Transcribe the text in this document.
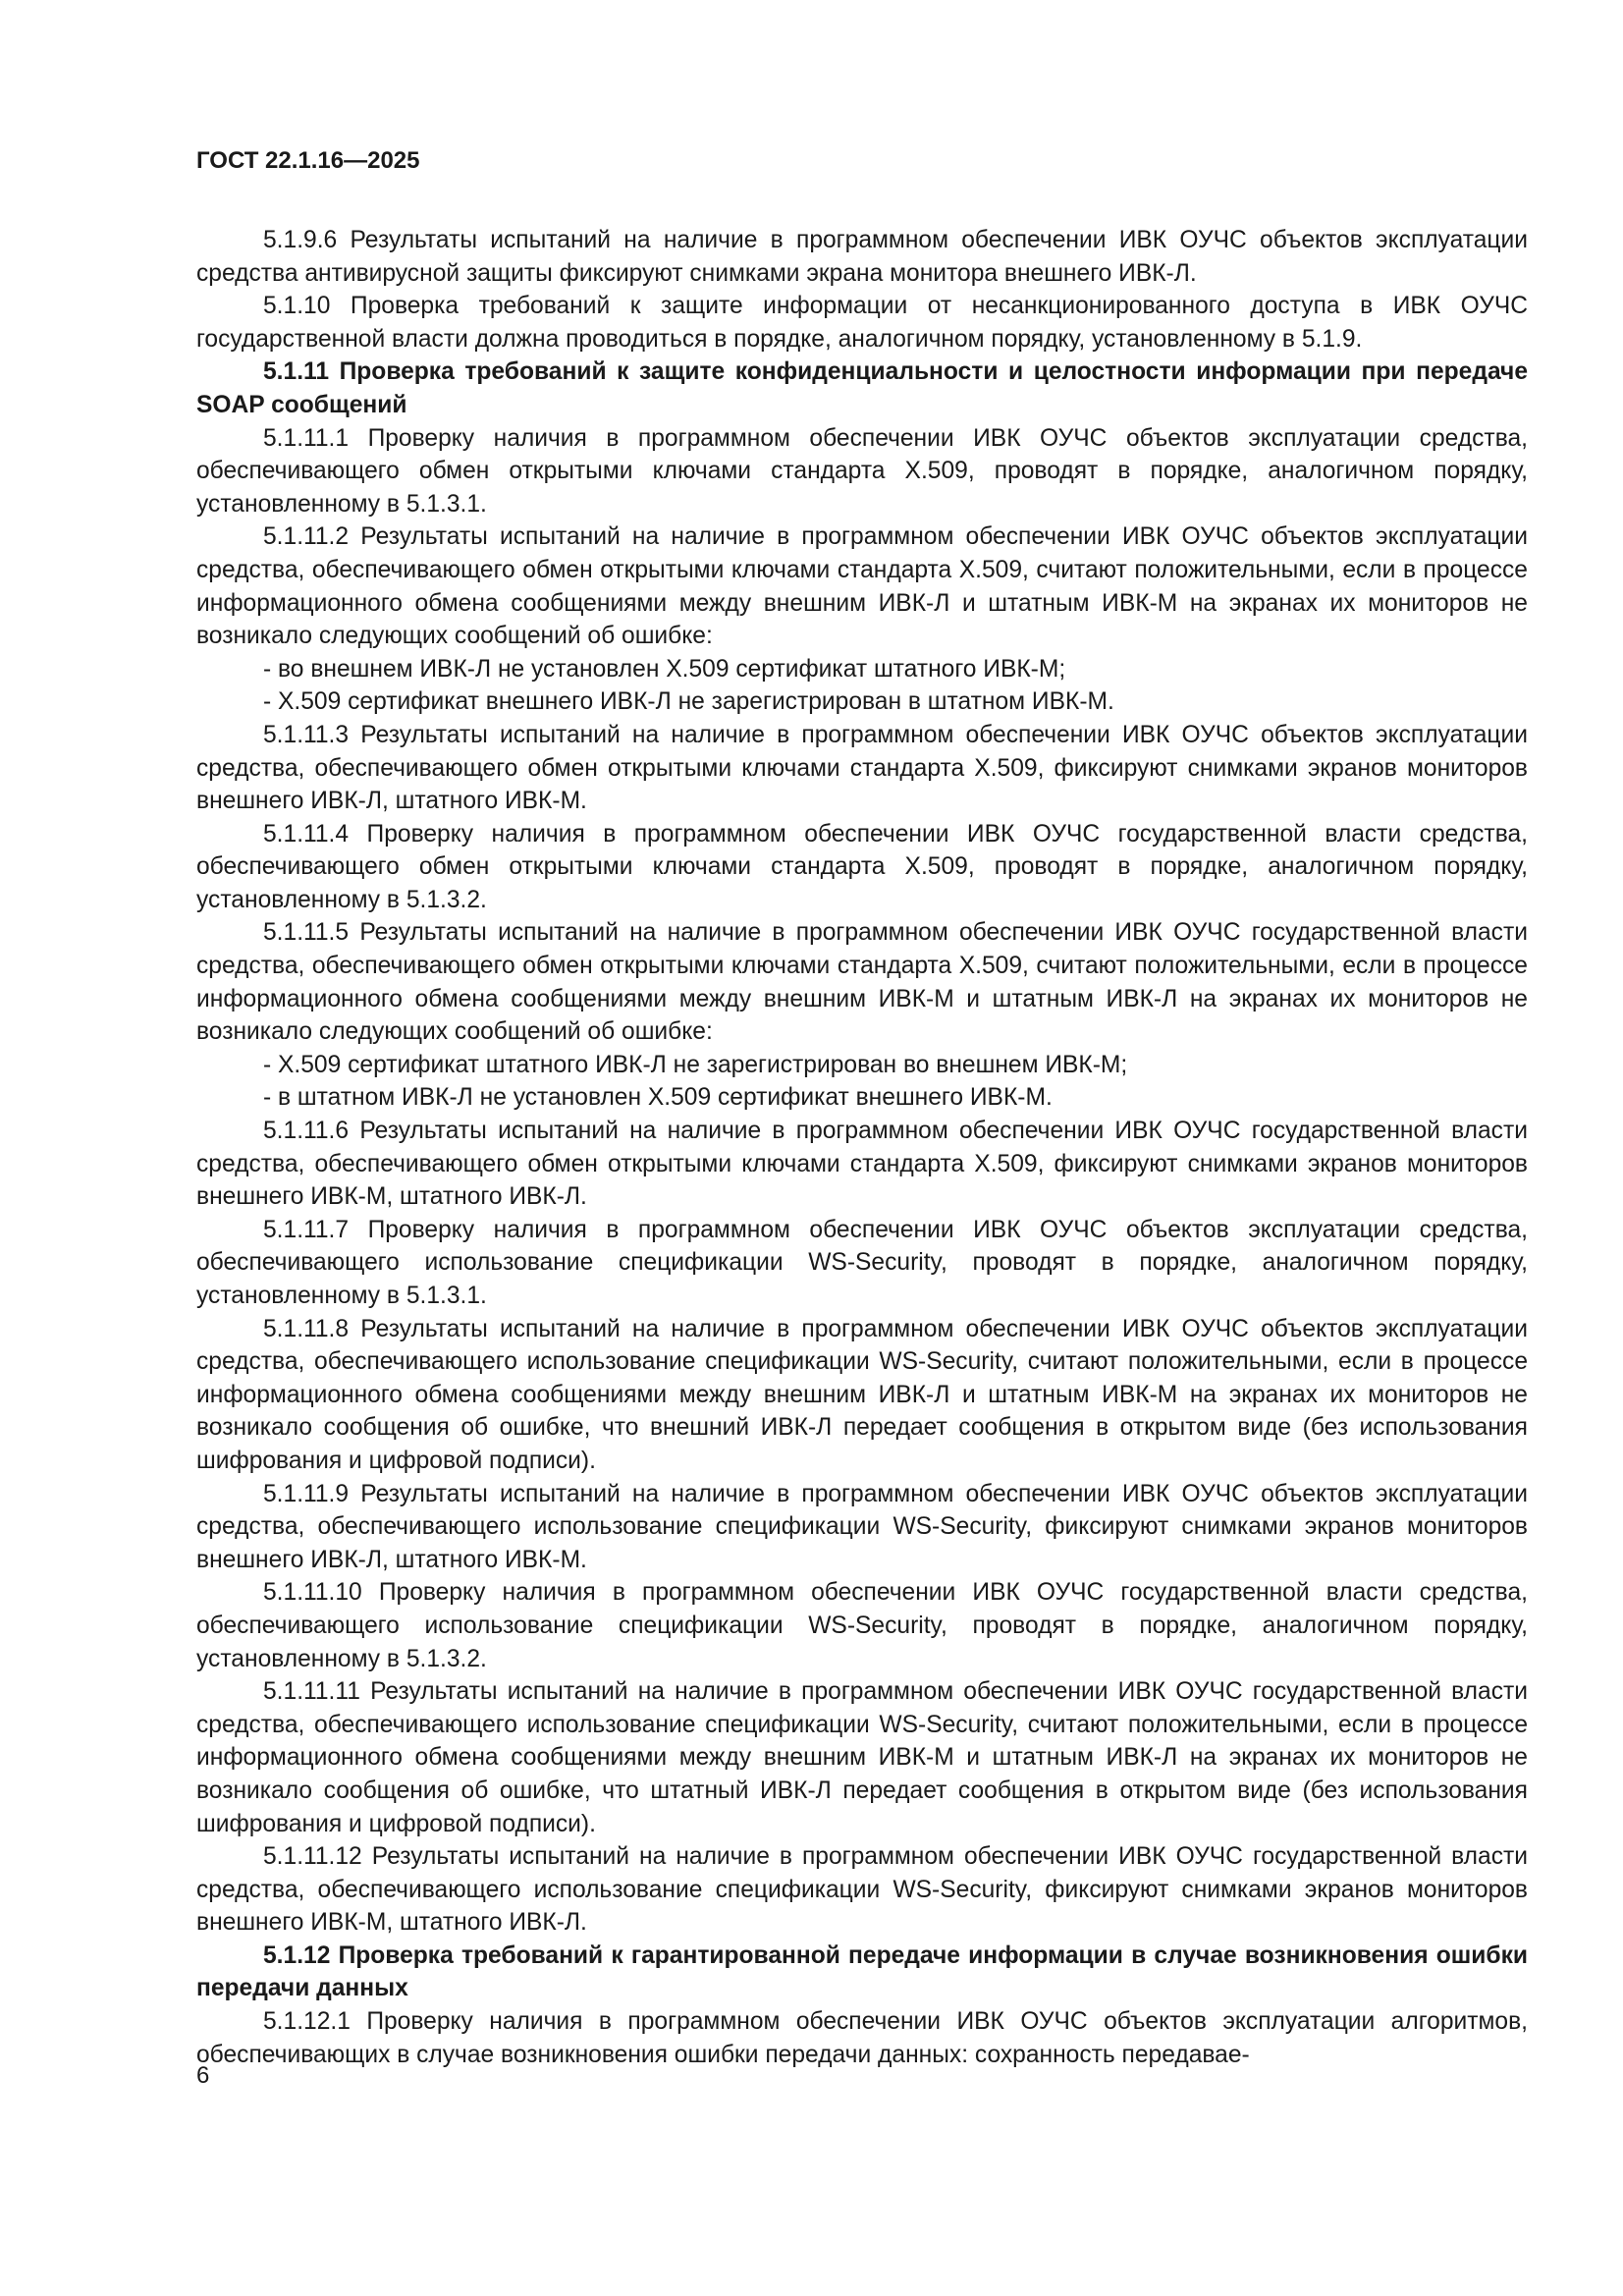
ГОСТ 22.1.16—2025

5.1.9.6 Результаты испытаний на наличие в программном обеспечении ИВК ОУЧС объектов эксплуатации средства антивирусной защиты фиксируют снимками экрана монитора внешнего ИВК-Л.

5.1.10 Проверка требований к защите информации от несанкционированного доступа в ИВК ОУЧС государственной власти должна проводиться в порядке, аналогичном порядку, установленному в 5.1.9.

5.1.11 Проверка требований к защите конфиденциальности и целостности информации при передаче SOAP сообщений

5.1.11.1 Проверку наличия в программном обеспечении ИВК ОУЧС объектов эксплуатации средства, обеспечивающего обмен открытыми ключами стандарта X.509, проводят в порядке, аналогичном порядку, установленному в 5.1.3.1.

5.1.11.2 Результаты испытаний на наличие в программном обеспечении ИВК ОУЧС объектов эксплуатации средства, обеспечивающего обмен открытыми ключами стандарта X.509, считают положительными, если в процессе информационного обмена сообщениями между внешним ИВК-Л и штатным ИВК-М на экранах их мониторов не возникало следующих сообщений об ошибке:

- во внешнем ИВК-Л не установлен X.509 сертификат штатного ИВК-М;

- X.509 сертификат внешнего ИВК-Л не зарегистрирован в штатном ИВК-М.

5.1.11.3 Результаты испытаний на наличие в программном обеспечении ИВК ОУЧС объектов эксплуатации средства, обеспечивающего обмен открытыми ключами стандарта X.509, фиксируют снимками экранов мониторов внешнего ИВК-Л, штатного ИВК-М.

5.1.11.4 Проверку наличия в программном обеспечении ИВК ОУЧС государственной власти средства, обеспечивающего обмен открытыми ключами стандарта X.509, проводят в порядке, аналогичном порядку, установленному в 5.1.3.2.

5.1.11.5 Результаты испытаний на наличие в программном обеспечении ИВК ОУЧС государственной власти средства, обеспечивающего обмен открытыми ключами стандарта X.509, считают положительными, если в процессе информационного обмена сообщениями между внешним ИВК-М и штатным ИВК-Л на экранах их мониторов не возникало следующих сообщений об ошибке:

- X.509 сертификат штатного ИВК-Л не зарегистрирован во внешнем ИВК-М;

- в штатном ИВК-Л не установлен X.509 сертификат внешнего ИВК-М.

5.1.11.6 Результаты испытаний на наличие в программном обеспечении ИВК ОУЧС государственной власти средства, обеспечивающего обмен открытыми ключами стандарта X.509, фиксируют снимками экранов мониторов внешнего ИВК-М, штатного ИВК-Л.

5.1.11.7 Проверку наличия в программном обеспечении ИВК ОУЧС объектов эксплуатации средства, обеспечивающего использование спецификации WS-Security, проводят в порядке, аналогичном порядку, установленному в 5.1.3.1.

5.1.11.8 Результаты испытаний на наличие в программном обеспечении ИВК ОУЧС объектов эксплуатации средства, обеспечивающего использование спецификации WS-Security, считают положительными, если в процессе информационного обмена сообщениями между внешним ИВК-Л и штатным ИВК-М на экранах их мониторов не возникало сообщения об ошибке, что внешний ИВК-Л передает сообщения в открытом виде (без использования шифрования и цифровой подписи).

5.1.11.9 Результаты испытаний на наличие в программном обеспечении ИВК ОУЧС объектов эксплуатации средства, обеспечивающего использование спецификации WS-Security, фиксируют снимками экранов мониторов внешнего ИВК-Л, штатного ИВК-М.

5.1.11.10 Проверку наличия в программном обеспечении ИВК ОУЧС государственной власти средства, обеспечивающего использование спецификации WS-Security, проводят в порядке, аналогичном порядку, установленному в 5.1.3.2.

5.1.11.11 Результаты испытаний на наличие в программном обеспечении ИВК ОУЧС государственной власти средства, обеспечивающего использование спецификации WS-Security, считают положительными, если в процессе информационного обмена сообщениями между внешним ИВК-М и штатным ИВК-Л на экранах их мониторов не возникало сообщения об ошибке, что штатный ИВК-Л передает сообщения в открытом виде (без использования шифрования и цифровой подписи).

5.1.11.12 Результаты испытаний на наличие в программном обеспечении ИВК ОУЧС государственной власти средства, обеспечивающего использование спецификации WS-Security, фиксируют снимками экранов мониторов внешнего ИВК-М, штатного ИВК-Л.

5.1.12 Проверка требований к гарантированной передаче информации в случае возникновения ошибки передачи данных

5.1.12.1 Проверку наличия в программном обеспечении ИВК ОУЧС объектов эксплуатации алгоритмов, обеспечивающих в случае возникновения ошибки передачи данных: сохранность передавае-

6
